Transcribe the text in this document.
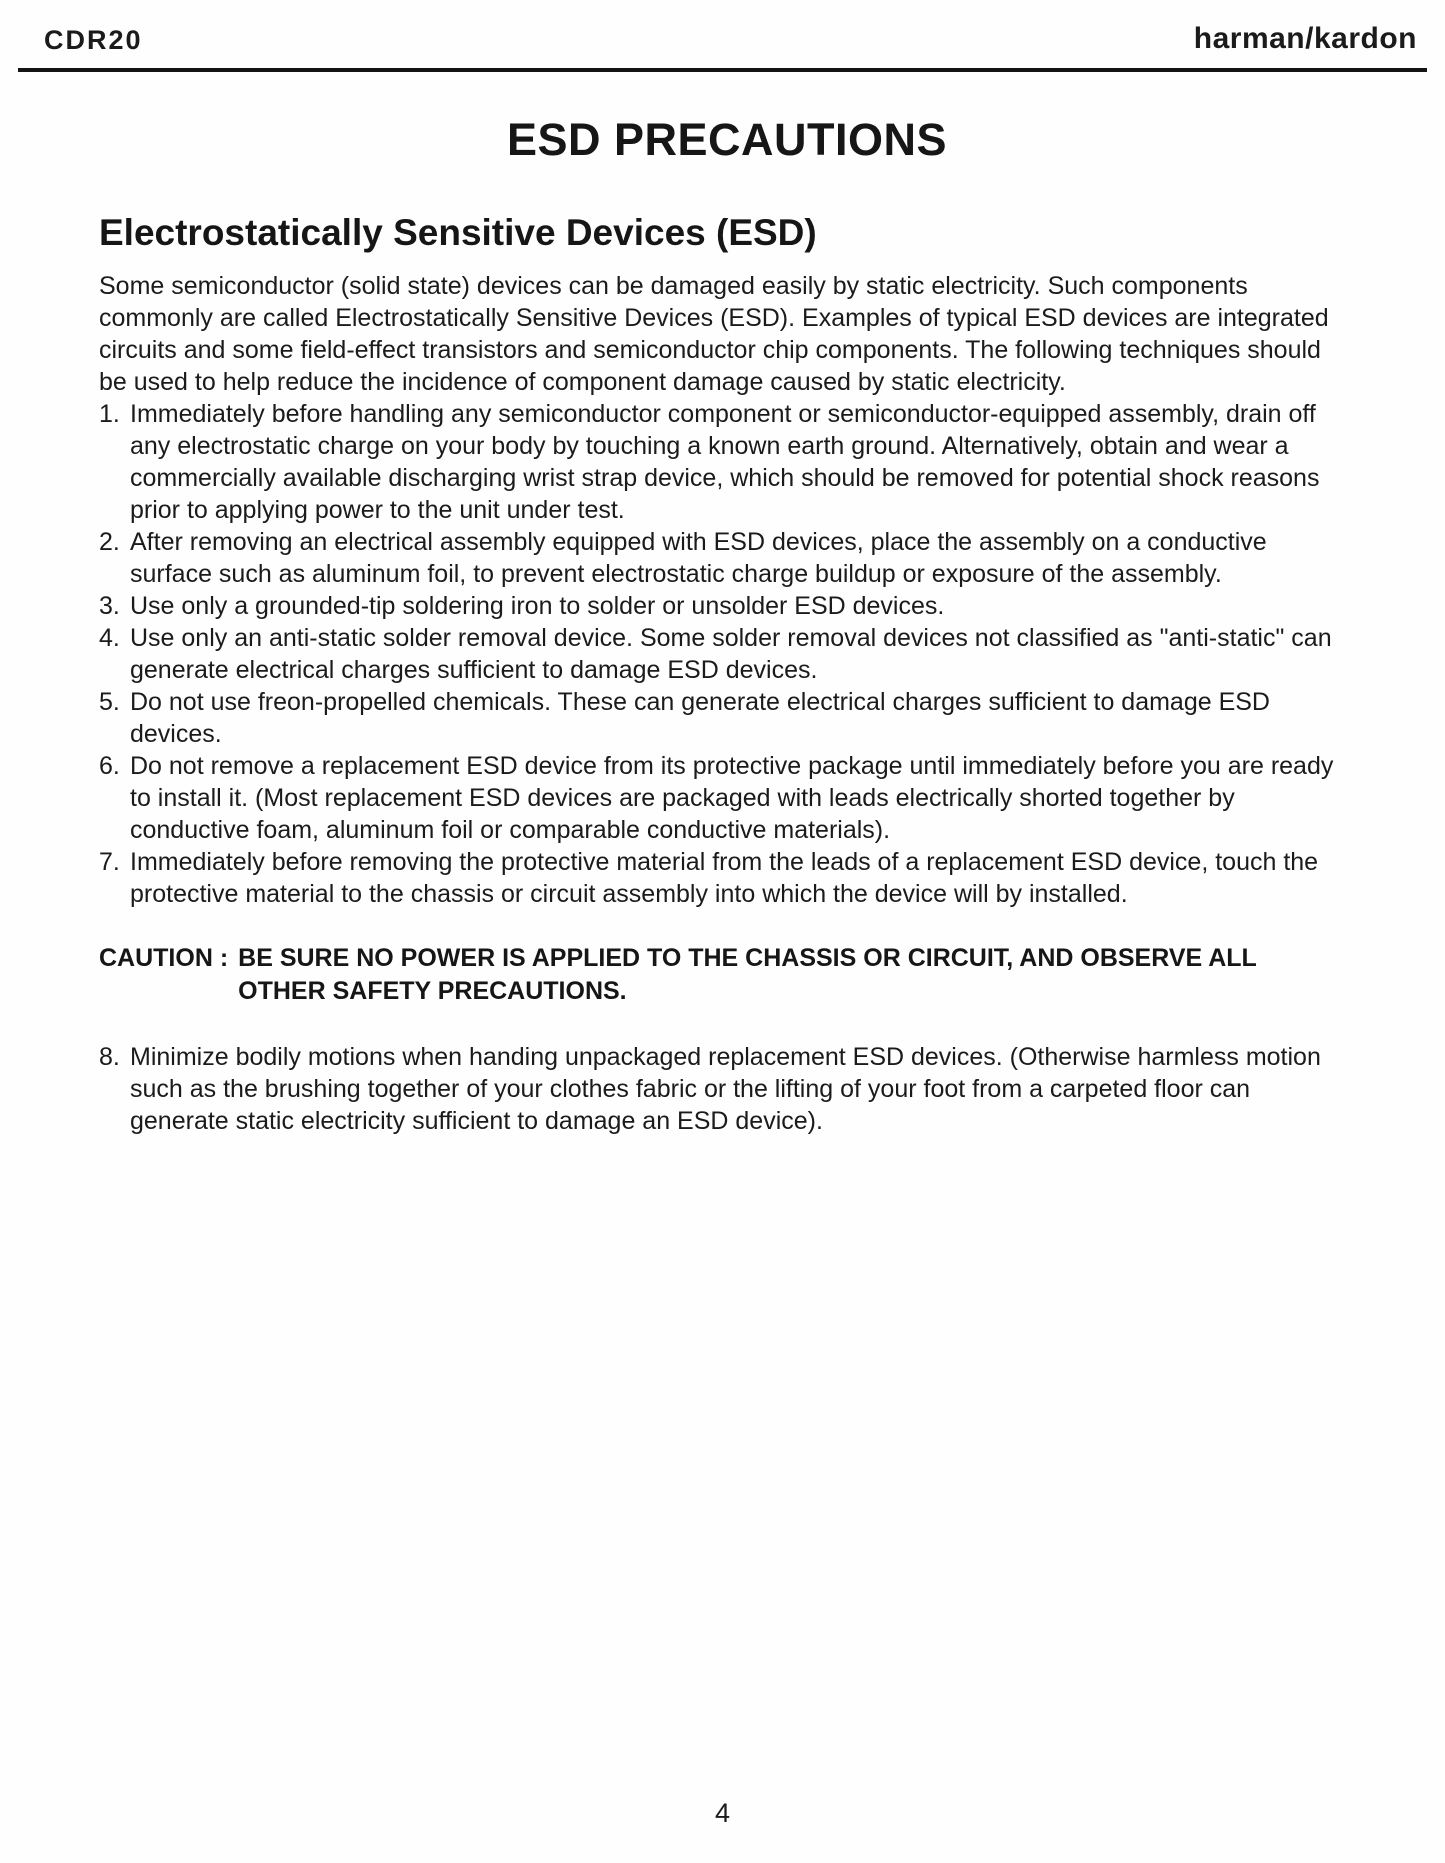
CDR20	harman/kardon
ESD PRECAUTIONS
Electrostatically Sensitive Devices (ESD)

Some semiconductor (solid state) devices can be damaged easily by static electricity. Such components commonly are called Electrostatically Sensitive Devices (ESD). Examples of typical ESD devices are integrated circuits and some field-effect transistors and semiconductor chip components. The following techniques should be used to help reduce the incidence of component damage caused by static electricity.

1. Immediately before handling any semiconductor component or semiconductor-equipped assembly, drain off any electrostatic charge on your body by touching a known earth ground. Alternatively, obtain and wear a commercially available discharging wrist strap device, which should be removed for potential shock reasons prior to applying power to the unit under test.
2. After removing an electrical assembly equipped with ESD devices, place the assembly on a conductive surface such as aluminum foil, to prevent electrostatic charge buildup or exposure of the assembly.
3. Use only a grounded-tip soldering iron to solder or unsolder ESD devices.
4. Use only an anti-static solder removal device. Some solder removal devices not classified as "anti-static" can generate electrical charges sufficient to damage ESD devices.
5. Do not use freon-propelled chemicals. These can generate electrical charges sufficient to damage ESD devices.
6. Do not remove a replacement ESD device from its protective package until immediately before you are ready to install it. (Most replacement ESD devices are packaged with leads electrically shorted together by conductive foam, aluminum foil or comparable conductive materials).
7. Immediately before removing the protective material from the leads of a replacement ESD device, touch the protective material to the chassis or circuit assembly into which the device will by installed.
CAUTION : BE SURE NO POWER IS APPLIED TO THE CHASSIS OR CIRCUIT, AND OBSERVE ALL OTHER SAFETY PRECAUTIONS.
8. Minimize bodily motions when handing unpackaged replacement ESD devices. (Otherwise harmless motion such as the brushing together of your clothes fabric or the lifting of your foot from a carpeted floor can generate static electricity sufficient to damage an ESD device).
4
